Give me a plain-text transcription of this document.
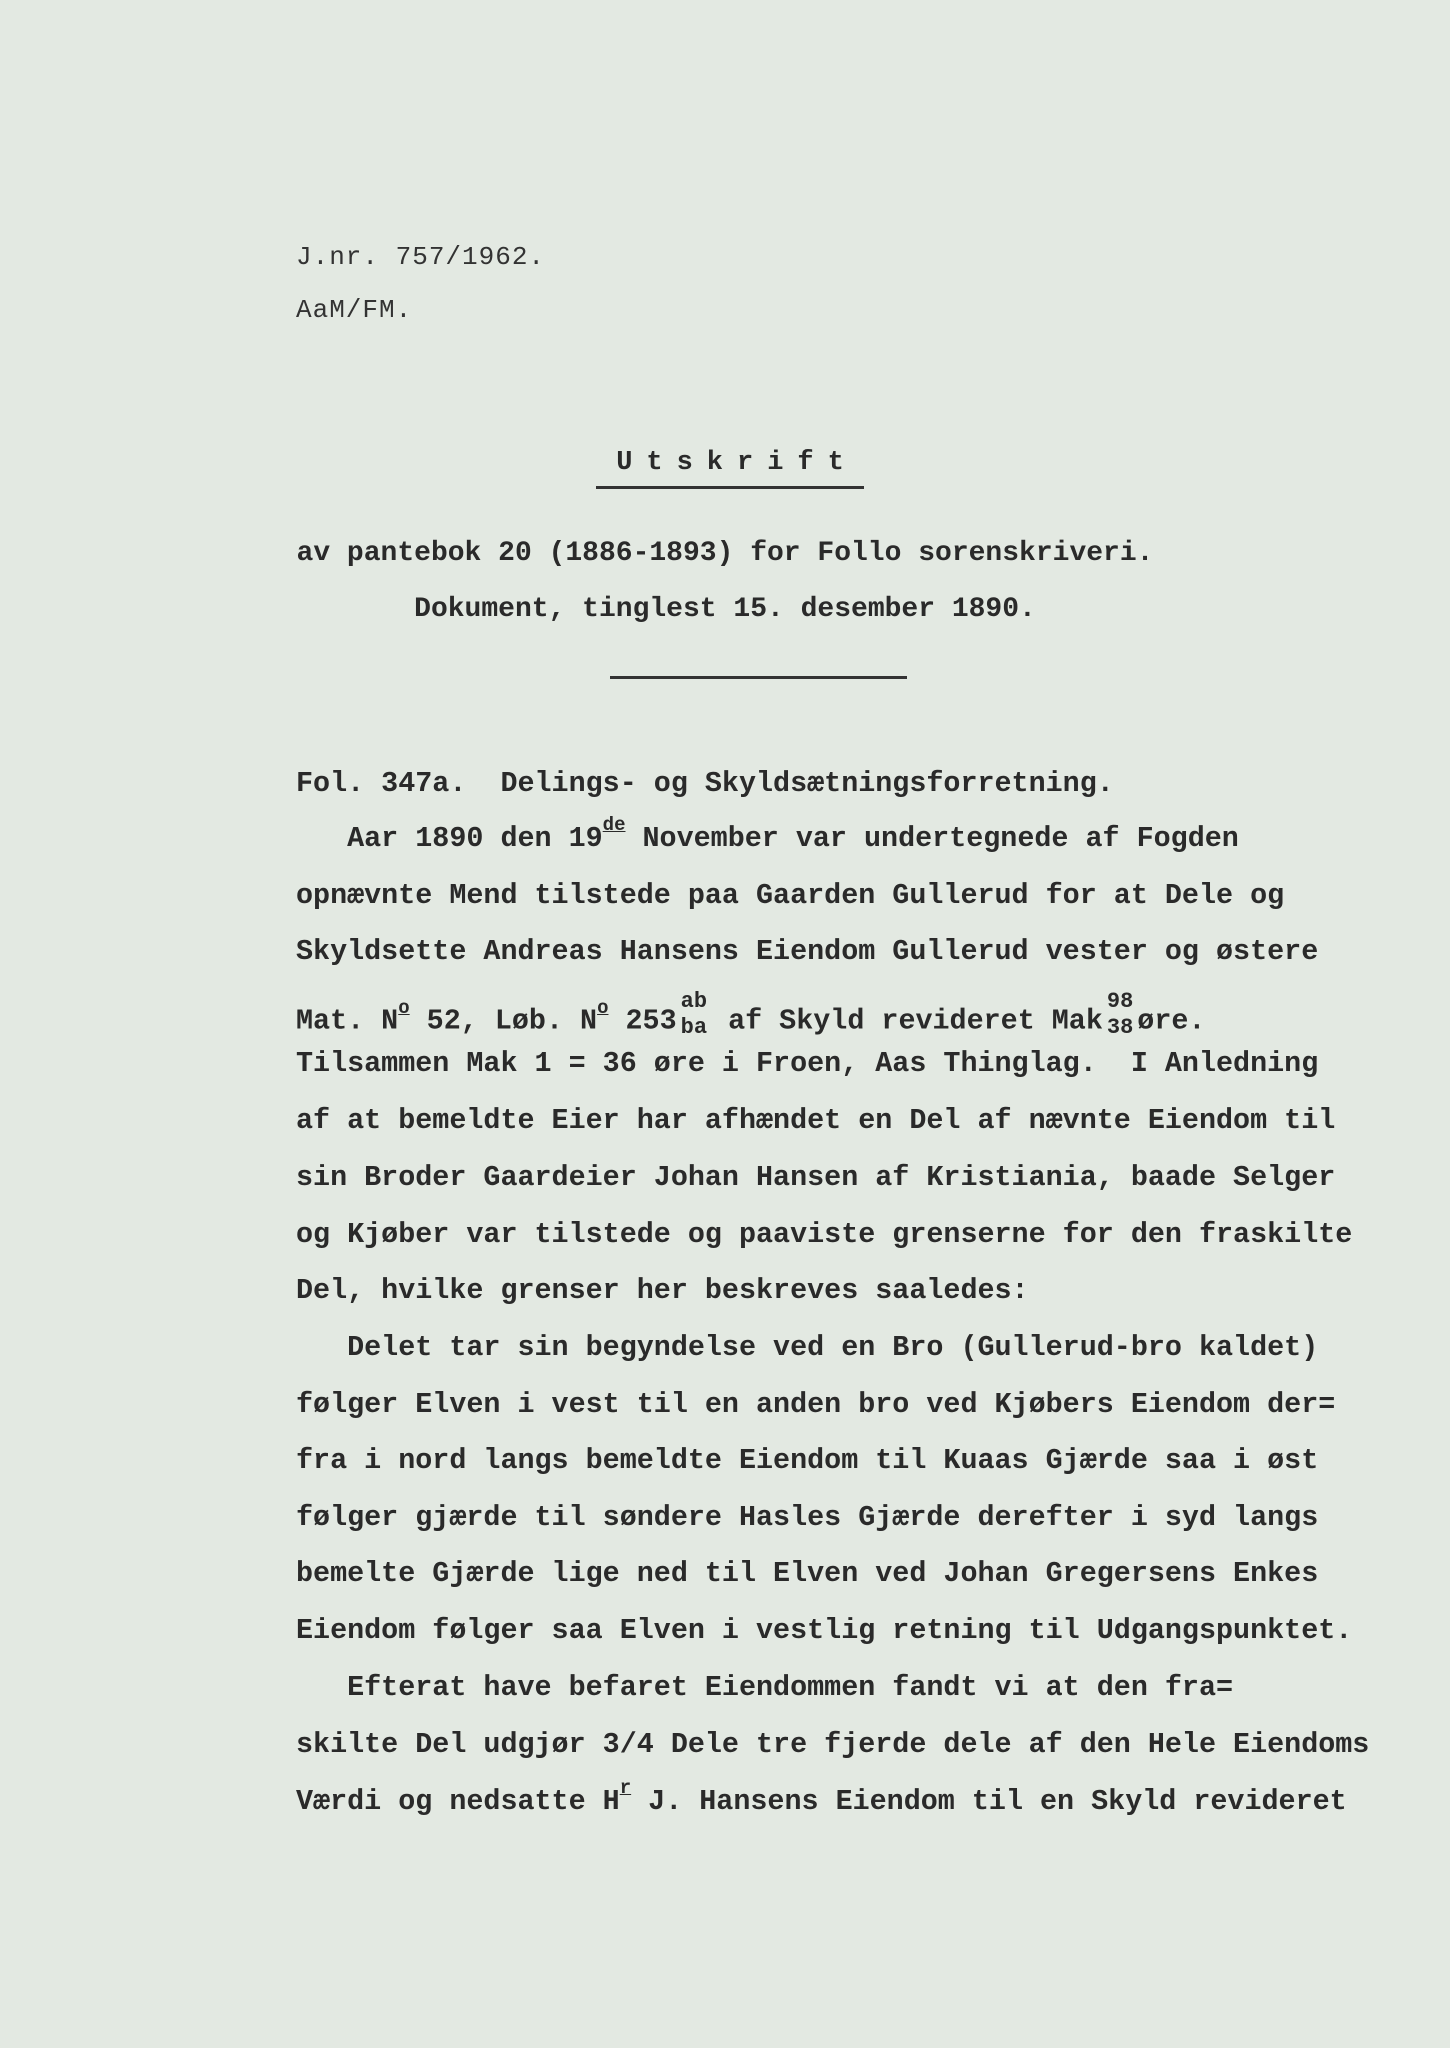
J.nr. 757/1962.
AaM/FM.
Utskrift
av pantebok 20 (1886-1893) for Follo sorenskriveri.
Dokument, tinglest 15. desember 1890.
Fol. 347a.  Delings- og Skyldsætningsforretning.
Aar 1890 den 19de November var undertegnede af Fogden
opnævnte Mend tilstede paa Gaarden Gullerud for at Dele og
Skyldsette Andreas Hansens Eiendom Gullerud vester og østere
Mat. $N^o$ 52, Løb. $N^o$ 253
ab
ba af Skyld revideret Mak
98
38 øre.
Tilsammen Mak 1 = 36 øre i Froen, Aas Thinglag.  I Anledning
af at bemeldte Eier har afhændet en Del af nævnte Eiendom til
sin Broder Gaardeier Johan Hansen af Kristiania, baade Selger
og Kjøber var tilstede og paaviste grenserne for den fraskilte
Del, hvilke grenser her beskreves saaledes:
Delet tar sin begyndelse ved en Bro (Gullerud-bro kaldet)
følger Elven i vest til en anden bro ved Kjøbers Eiendom der=
fra i nord langs bemeldte Eiendom til Kuaas Gjærde saa i øst
følger gjærde til søndere Hasles Gjærde derefter i syd langs
bemelte Gjærde lige ned til Elven ved Johan Gregersens Enkes
Eiendom følger saa Elven i vestlig retning til Udgangspunktet.
Efterat have befaret Eiendommen fandt vi at den fra=
skilte Del udgjør 3/4 Dele tre fjerde dele af den Hele Eiendoms
Værdi og nedsatte $H^r$ J. Hansens Eiendom til en Skyld revideret
